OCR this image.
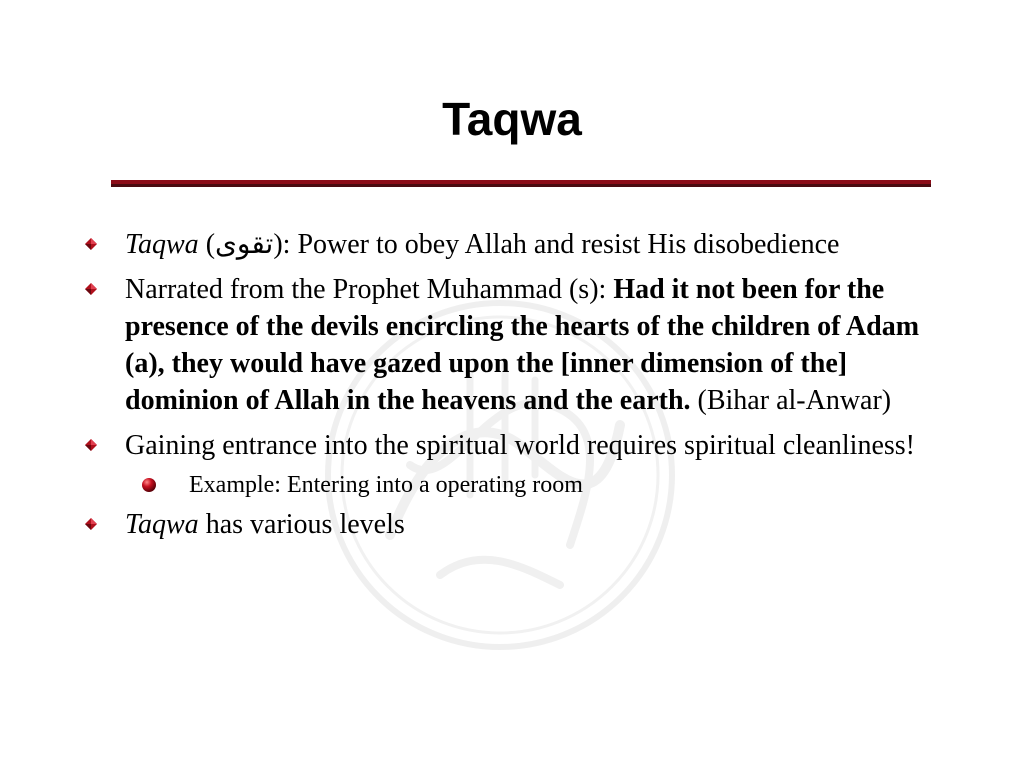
Taqwa
Taqwa (تقوى): Power to obey Allah and resist His disobedience
Narrated from the Prophet Muhammad (s): Had it not been for the presence of the devils encircling the hearts of the children of Adam (a), they would have gazed upon the [inner dimension of the] dominion of Allah in the heavens and the earth. (Bihar al-Anwar)
Gaining entrance into the spiritual world requires spiritual cleanliness!
Example: Entering into a operating room
Taqwa has various levels
